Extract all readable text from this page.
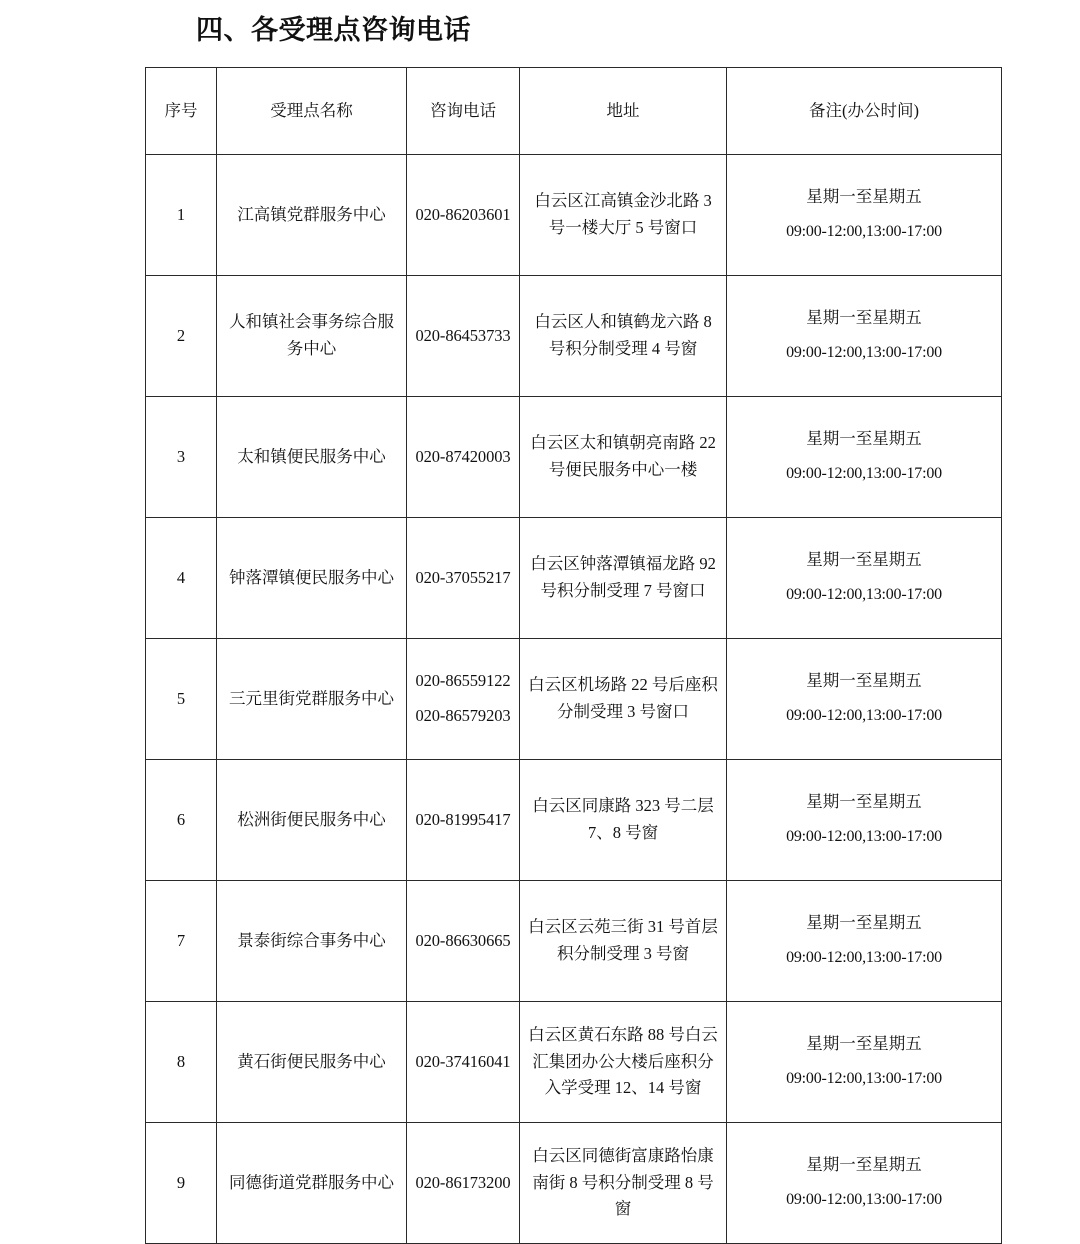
四、各受理点咨询电话
序号	受理点名称	咨询电话	地址	备注(办公时间)
1	江高镇党群服务中心	020-86203601	白云区江高镇金沙北路 3 号一楼大厅 5 号窗口	星期一至星期五
09:00-12:00,13:00-17:00

2	人和镇社会事务综合服务中心	020-86453733	白云区人和镇鹤龙六路 8 号积分制受理 4 号窗	星期一至星期五
09:00-12:00,13:00-17:00

3	太和镇便民服务中心	020-87420003	白云区太和镇朝亮南路 22 号便民服务中心一楼	星期一至星期五
09:00-12:00,13:00-17:00

4	钟落潭镇便民服务中心	020-37055217	白云区钟落潭镇福龙路 92 号积分制受理 7 号窗口	星期一至星期五
09:00-12:00,13:00-17:00

5	三元里街党群服务中心	
020-86559122
020-86579203
	白云区机场路 22 号后座积分制受理 3 号窗口	
星期一至星期五
09:00-12:00,13:00-17:00

6	松洲街便民服务中心	020-81995417	白云区同康路 323 号二层 7、8 号窗	星期一至星期五
09:00-12:00,13:00-17:00

7	景泰街综合事务中心	020-86630665	白云区云苑三街 31 号首层积分制受理 3 号窗	星期一至星期五
09:00-12:00,13:00-17:00

8	黄石街便民服务中心	020-37416041	白云区黄石东路 88 号白云汇集团办公大楼后座积分入学受理 12、14 号窗	星期一至星期五
09:00-12:00,13:00-17:00

9	同德街道党群服务中心	020-86173200	白云区同德街富康路怡康南街 8 号积分制受理 8 号窗	星期一至星期五
09:00-12:00,13:00-17:00
